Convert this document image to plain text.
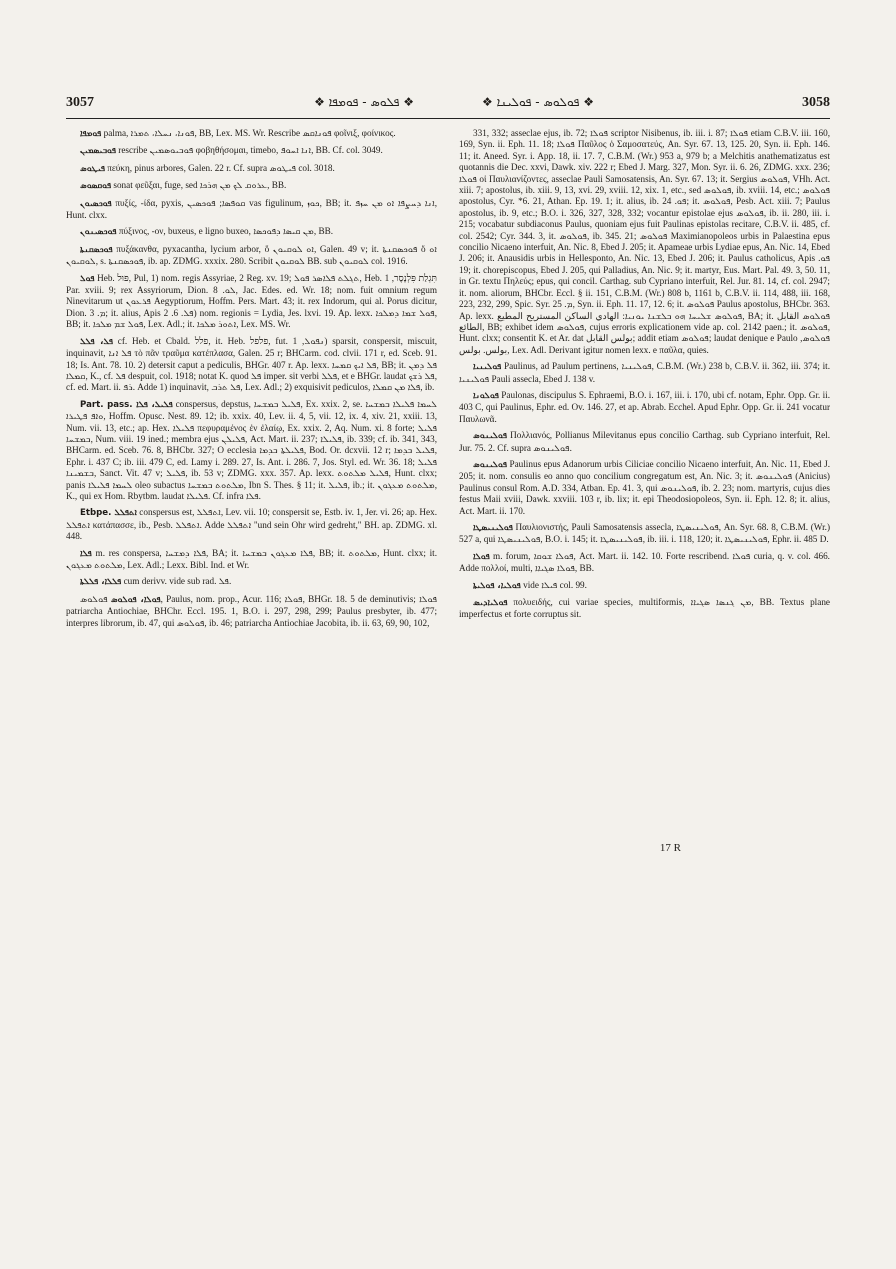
3057	❖ ܦܠܘܣ - ܦܘܡܦܐ ❖	❖ ܦܘܠܘܣ - ܦܘܠܝܢܐ ❖	3058

ܦܘܡܦܐ palma, ܦܘܢܐ، ܢܚܠܐ، ܬܡܪܐ, BB, Lex. MS. Wr. Rescribe ܦܘܢܐܩܣ φοῖνιξ, φοίνικος.

ܦܘܒܝܣܡܝܢ rescribe ܦܘܒܝܘܣܡܝܢ φοβηθήσομαι, timebo, ܐܢܐ ܐܚܘܦ, BB. Cf. col. 3049.

ܦܝܛܘܣ πεύκη, pinus arbores, Galen. 22 r. Cf. supra ܦܝܛܘܣ col. 3018.

ܦܘܩܣܘܣ sonat φεῦξαι, fuge, sed ܥܪܘܩ ܠܟ ܡܢ ܗܪܟܐ, BB.

ܦܘܟܣܝܘܢ πυξίς, -ίδα, pyxis, ܩܘܦܣܐ; ܦܘܟܣܝܢ vas figulinum, ܟܘܙ, BB; it. ܐܢܐ ܕܚܨܦܐ ܐܘ ܡܢ ܚܙܦ, Hunt. clxx.

ܦܘܟܣܝܢܘܢ πύξινος, -ον, buxeus, e ligno buxeo, ܡܢ ܩܝܣܐ ܕܦܘܟܣܐ, BB.

ܦܘܟܣܩܢܬܐ πυξάκανθα, pyxacantha, lycium arbor, ὅ ܐܘ ܠܘܩܝܘܢ, Galen. 49 v; it. ܦܘܟܣܩܢܬܐ ὅ ܐܘ ܠܘܩܝܘܢ, s. ܦܘܟܣܩܢܬܐ, ib. ap. ZDMG. xxxix. 280. Scribit ܠܘܩܝܘܢ BB. sub ܠܘܩܝܘܢ col. 1916.

ܦܘܠ Heb. פּוּל, Pul, 1) nom. regis Assyriae, 2 Reg. xv. 19; ܬܓܠܬ ܦܠܐܣܪ ܦܘܠ, Heb. תִּגְלַת פִּלְנֶסֶר, 1 Par. xviii. 9; rex Assyriorum, Dion. ܠܘ. 8, Jac. Edes. ed. Wr. 18; nom. fuit omnium regum Ninevitarum ut ܦܪܥܘܢ Aegyptiorum, Hoffm. Pers. Mart. 43; it. rex Indorum, qui al. Porus dicitur, Dion. ܡ. 3; it. alius, Apis ܦܠ. 6. 2) nom. regionis = Lydia, Jes. lxvi. 19. Ap. lexx. ܦܘܠ ܫܡܐ ܕܡܠܟܐ, BB; it. ܦܘܠ ܫܡ ܡܠܟܐ, Lex. Adl.; it. ܐܬܘܪ ܡܠܟܐ, Lex. MS. Wr.

ܦܠ، ܦܠܠ cf. Heb. et Cbald. פלל, it. Heb. פלפל, fut. ܢܦܘܠ, 1) sparsit, conspersit, miscuit, inquinavit, ܦܠ ܐܢܐ τὸ πᾶν τραῦμα κατέπλασα, Galen. 25 r; BHCarm. cod. clvii. 171 r, ed. Sceb. 91. 18; Is. Ant. 78. 10. 2) detersit caput a pediculis, BHGr. 407 r. Ap. lexx. ܦܠ ܐܝܟ ܩܡܚܐ, BB; it. ܦܠ ܕܡܢ ܩܡܠܐ, K., cf. ܦܠ despuit, col. 1918; notat K. quod ܦܠ imper. sit verbi ܦܠܠ, et e BHGr. laudat ܦܠ ܪܫܟ, cf. ed. Mart. ii. ܪܦ. Adde 1) inquinavit, ܦܠ ܬܪܒ, Lex. Adl.; 2) exquisivit pediculos, ܦܠܐ ܡܢ ܩܡܠܐ, ib.

Part. pass. ܦܠܝܠ، ܦܠܐ conspersus, depstus, ܦܠܝܠ ܒܡܫܚܐ, Ex. xxix. 2, se. ܠܚܡܐ ܦܠܝܠܐ ܒܡܫܚܐ ܘܐܦ ܦܛܝܪܐ, Hoffm. Opusc. Nest. 89. 12; ib. xxix. 40, Lev. ii. 4, 5, vii. 12, ix. 4, xiv. 21, xxiii. 13, Num. vii. 13, etc.; ap. Hex. ܦܠܝܠܐ πεφυραμένος ἐν ἐλαίῳ, Ex. xxix. 2, Aq. Num. xi. 8 forte; ܦܠܝܠ ܒܡܫܚܐ, Num. viii. 19 ined.; membra ejus ܦܠܝܠܢ, Act. Mart. ii. 237; ܦܠܝܠܐ, ib. 339; cf. ib. 341, 343, BHCarm. ed. Sceb. 76. 8, BHCbr. 327; O ecclesia ܦܠܝܠܬܐ ܒܕܡܐ, Bod. Or. dcxvii. 12 r; ܦܠܝܠ ܒܕܡܐ, Ephr. i. 437 C; ib. iii. 479 C, ed. Lamy i. 289. 27, Is. Ant. i. 286. 7, Jos. Styl. ed. Wr. 36. 18; ܦܠܝܠ ܒܫܡܝܢܐ, Sanct. Vit. 47 v; ܦܠܝܠ, ib. 53 v; ZDMG. xxx. 357. Ap. lexx. ܦܠܝܠ ܡܠܬܘܬ, Hunt. clxx; panis ܠܚܡܐ ܦܠܝܠܐ oleo subactus ܡܠܬܘܬ ܒܡܫܚܐ, Ibn S. Thes. § 11; it. ܦܠܝܠ, ib.; it. ܡܠܬܘܬ ܡܥܓܘܢ, K., qui ex Hom. Rbytbm. laudat ܦܠܝܠܐ. Cf. infra ܦܠܐ.

Etbpe. ܐܬܦܠܠ conspersus est, ܐܬܦܠܠ, Lev. vii. 10; conspersit se, Estb. iv. 1, Jer. vi. 26; ap. Hex. ܐܬܦܠܠ κατάπασσε, ib., Pesb. ܐܬܦܠܠ. Adde ܐܬܦܠܠ "und sein Ohr wird gedreht," BH. ap. ZDMG. xl. 448.

ܦܠܐ m. res conspersa, ܦܠܐ ܕܡܫܚܐ, BA; it. ܦܠܐ ܡܥܓܘܢ ܒܡܫܚܐ, BB; it. ܡܠܬܘܬ, Hunt. clxx; it. ܡܠܬܘܬ ܡܥܓܘܢ, Lex. Adl.; Lexx. Bibl. Ind. et Wr.

ܦܠܠܐ، ܦܠܠܬܐ cum derivv. vide sub rad. ܦܠ.

ܦܘܠܐ، ܦܘܠܘܣ ܦܘܠܘܣ, Paulus, nom. prop., Acur. 116; ܦܘܠܐ, BHGr. 18. 5 de deminutivis; ܦܘܠܐ patriarcha Antiochiae, BHChr. Eccl. 195. 1, B.O. i. 297, 298, 299; Paulus presbyter, ib. 477; interpres librorum, ib. 47, qui ܦܘܠܘܣ, ib. 46; patriarcha Antiochiae Jacobita, ib. ii. 63, 69, 90, 102,

331, 332; asseclae ejus, ib. 72; ܦܘܠܐ scriptor Nisibenus, ib. iii. i. 87; ܦܘܠܐ etiam C.B.V. iii. 160, 169, Syn. ii. Eph. 11. 18; ܦܘܠܐ Παῦλος ὁ Σαμοσατεύς, An. Syr. 67. 13, 125. 20, Syn. ii. Eph. 146. 11; it. Aneed. Syr. i. App. 18, ii. 17. 7, C.B.M. (Wr.) 953 a, 979 b; a Melchitis anathematizatus est quotannis die Dec. xxvi, Dawk. xiv. 222 r; Ebed J. Marg. 327, Mon. Syr. ii. 6. 26, ZDMG. xxx. 236; ܦܘܠܐ οἱ Παυλιανίζοντες, asseclae Pauli Samosatensis, An. Syr. 67. 13; it. Sergius ܦܘܠܘܣ, VHh. Act. xiii. 7; apostolus, ib. xiii. 9, 13, xvi. 29, xviii. 12, xix. 1, etc., sed ܦܘܠܘܣ, ib. xviii. 14, etc.; ܦܘܠܘܣ apostolus, Cyr. *6. 21, Athan. Ep. 19. 1; it. alius, ib. ܦܘ. 24; it. ܦܘܠܘܣ, Pesb. Act. xiii. 7; Paulus apostolus, ib. 9, etc.; B.O. i. 326, 327, 328, 332; vocantur epistolae ejus ܦܘܠܘܣ, ib. ii. 280, iii. i. 215; vocabatur subdiaconus Paulus, quoniam ejus fuit Paulinas epistolas recitare, C.B.V. ii. 485, cf. col. 2542; Cyr. 344. 3, it. ܦܘܠܘܣ, ib. 345. 21; ܦܘܠܘܣ Maximianopoleos urbis in Palaestina epus concilio Nicaeno interfuit, An. Nic. 8, Ebed J. 205; it. Apameae urbis Lydiae epus, An. Nic. 14, Ebed J. 206; it. Anausidis urbis in Hellesponto, An. Nic. 13, Ebed J. 206; it. Paulus catholicus, Apis ܦܘ. 19; it. chorepiscopus, Ebed J. 205, qui Palladius, An. Nic. 9; it. martyr, Eus. Mart. Pal. 49. 3, 50. 11, in Gr. textu Πηλεύς; epus, qui concil. Carthag. sub Cypriano interfuit, Rel. Jur. 81. 14, cf. col. 2947; it. nom. aliorum, BHCbr. Eccl. § ii. 151, C.B.M. (Wr.) 808 b, 1161 b, C.B.V. ii. 114, 488, iii. 168, 223, 232, 299, Spic. Syr. ܡ. 25, Syn. ii. Eph. 11. 17, 12. 6; it. ܦܘܠܘܣ Paulus apostolus, BHCbr. 363. Ap. lexx. ܦܘܠܘܣ ܫܠܝܚܐ ܗܘ ܒܠܫܢܐ ܝܘܢܝܐ: الهادي الساكن المستريح المطيع, BA; it. ܦܘܠܘܣ القابل الطائع, BB; exhibet idem ܦܘܠܘܣ, cujus erroris explicationem vide ap. col. 2142 paen.; it. ܦܘܠܘܣ, Hunt. clxx; consentit K. et Ar. dat بولس القابل; addit etiam ܦܘܠܘܣ; laudat denique e Paulo ܦܘܠܘܣ, بولس. بولس, Lex. Adl. Derivant igitur nomen lexx. e παῦλα, quies.

ܦܘܠܝܢܝܐ Paulinus, ad Paulum pertinens, ܦܘܠܝܢܝܐ, C.B.M. (Wr.) 238 b, C.B.V. ii. 362, iii. 374; it. ܦܘܠܝܢܝܐ Pauli assecla, Ebed J. 138 v.

ܦܘܠܘܢܐ Paulonas, discipulus S. Ephraemi, B.O. i. 167, iii. i. 170, ubi cf. notam, Ephr. Opp. Gr. ii. 403 C, qui Paulinus, Ephr. ed. Ov. 146. 27, et ap. Abrab. Ecchel. Apud Ephr. Opp. Gr. ii. 241 vocatur Παυλωνᾶ.

ܦܘܠܝܢܘܣ Πολλιανός, Pollianus Milevitanus epus concilio Carthag. sub Cypriano interfuit, Rel. Jur. 75. 2. Cf. supra ܦܘܠܝܢܘܣ.

ܦܘܠܝܢܘܣ Paulinus epus Adanorum urbis Ciliciae concilio Nicaeno interfuit, An. Nic. 11, Ebed J. 205; it. nom. consulis eo anno quo concilium congregatum est, An. Nic. 3; it. ܦܘܠܝܢܘܣ (Anicius) Paulinus consul Rom. A.D. 334, Atban. Ep. 41. 3, qui ܦܘܠܝܢܘܣ, ib. 2. 23; nom. martyris, cujus dies festus Maii xviii, Dawk. xxviii. 103 r, ib. lix; it. epi Theodosiopoleos, Syn. ii. Eph. 12. 8; it. alius, Act. Mart. ii. 170.

ܦܘܠܝܢܝܣܛܐ Παυλιονιστής, Pauli Samosatensis assecla, ܦܘܠܝܢܝܣܛܐ, An. Syr. 68. 8, C.B.M. (Wr.) 527 a, qui ܦܘܠܝܢܝܣܛܐ, B.O. i. 145; it. ܦܘܠܝܢܝܣܛܐ, ib. iii. i. 118, 120; it. ܦܘܠܝܢܝܣܛܐ, Ephr. ii. 485 D.

ܦܘܠܐ m. forum, ܦܘܠܐ ܫܘܩܐ, Act. Mart. ii. 142. 10. Forte rescribend. ܦܘܠܐ curia, q. v. col. 466. Adde πολλοί, multi, ܦܘܠܐ ܤܓܝܐܐ, BB.

ܦܘܠܝܐ، ܦܘܠܝܬܐ vide ܦܝܠܐ col. 99.

ܦܘܠܝܐܕܝܣ πολυειδής, cui variae species, multiformis, ܡܢ ܓܢܣܐ ܤܓܝܐܐ, BB. Textus plane imperfectus et forte corruptus sit.

17 R
